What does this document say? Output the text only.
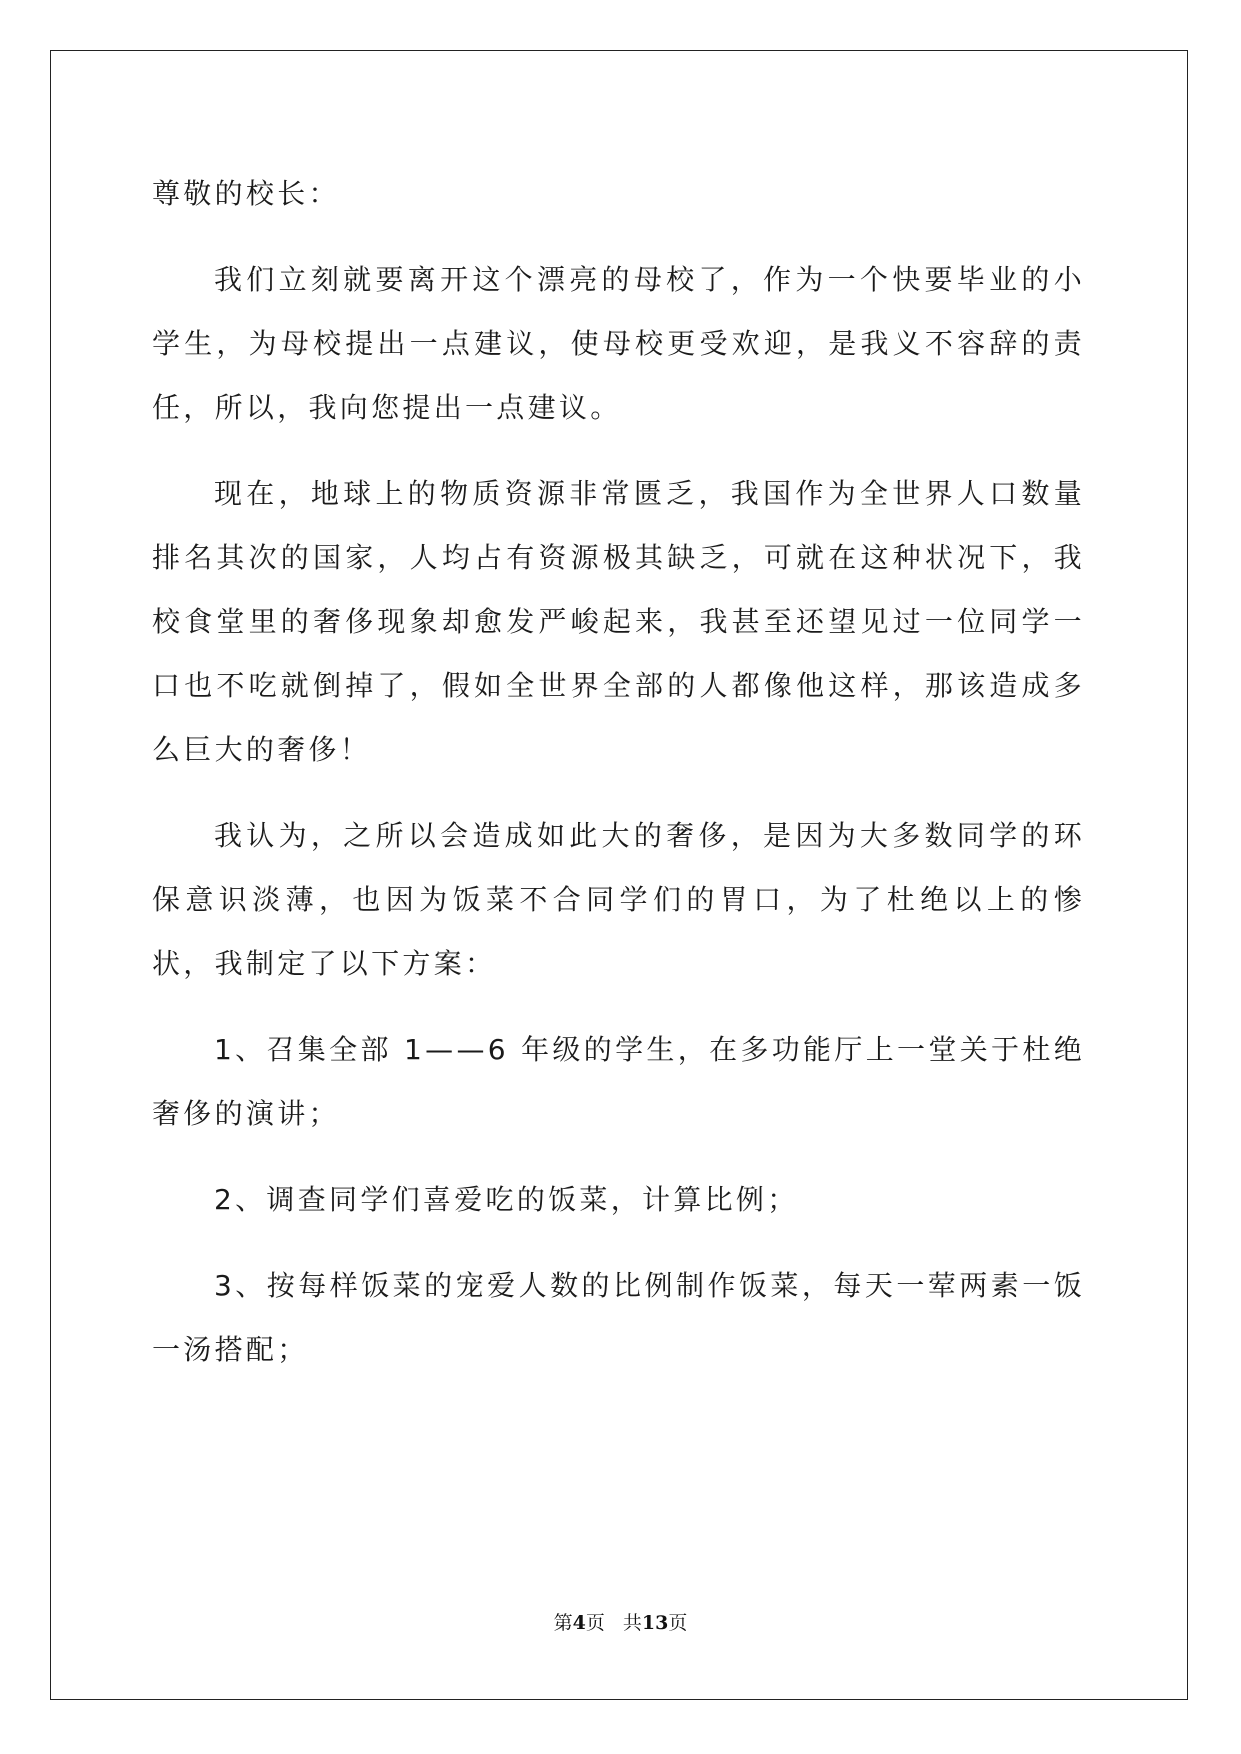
尊敬的校长：

我们立刻就要离开这个漂亮的母校了，作为一个快要毕业的小学生，为母校提出一点建议，使母校更受欢迎，是我义不容辞的责任，所以，我向您提出一点建议。

现在，地球上的物质资源非常匮乏，我国作为全世界人口数量排名其次的国家，人均占有资源极其缺乏，可就在这种状况下，我校食堂里的奢侈现象却愈发严峻起来，我甚至还望见过一位同学一口也不吃就倒掉了，假如全世界全部的人都像他这样，那该造成多么巨大的奢侈！

我认为，之所以会造成如此大的奢侈，是因为大多数同学的环保意识淡薄，也因为饭菜不合同学们的胃口，为了杜绝以上的惨状，我制定了以下方案：

1、召集全部 1——6 年级的学生，在多功能厅上一堂关于杜绝奢侈的演讲；

2、调查同学们喜爱吃的饭菜，计算比例；

3、按每样饭菜的宠爱人数的比例制作饭菜，每天一荤两素一饭一汤搭配；

第4页 共13页
